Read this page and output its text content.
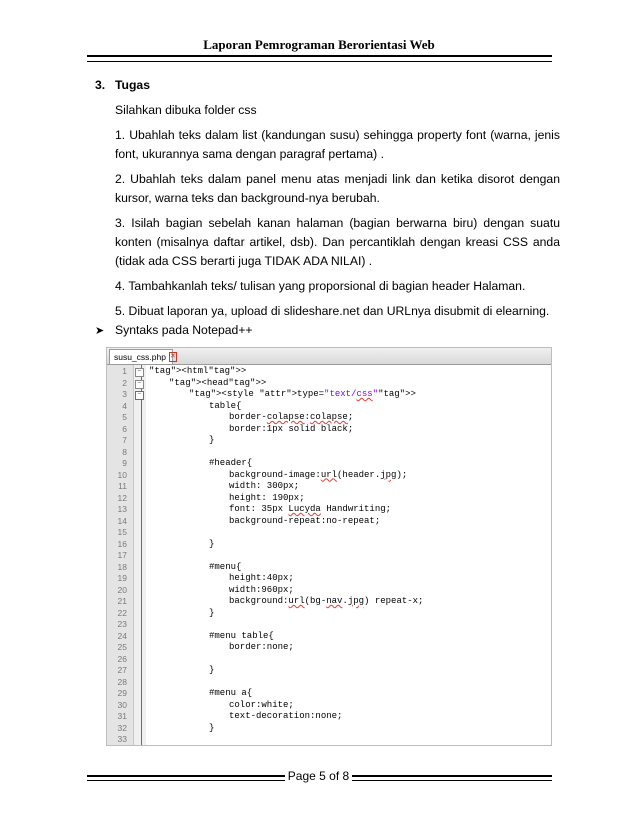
Laporan Pemrograman Berorientasi Web
3. Tugas
Silahkan dibuka folder css
1. Ubahlah teks dalam list (kandungan susu) sehingga property font (warna, jenis font, ukurannya sama dengan paragraf pertama) .
2. Ubahlah teks dalam panel menu atas menjadi link dan ketika disorot dengan kursor, warna teks dan background-nya berubah.
3. Isilah bagian sebelah kanan halaman (bagian berwarna biru) dengan suatu konten (misalnya daftar artikel, dsb). Dan percantiklah dengan kreasi CSS anda (tidak ada CSS berarti juga TIDAK ADA NILAI) .
4. Tambahkanlah teks/ tulisan yang proporsional di bagian header Halaman.
5. Dibuat laporan ya, upload di slideshare.net dan URLnya disubmit di elearning.
➤ Syntaks pada Notepad++
susu_css.php ✕
1	− "tag"><html"tag">>
2	−	"tag"><head"tag">>
3	−	"tag"><style "attr">type="text/css""tag">>
4	table{
5	border-colapse:colapse;
6	border:1px solid black;
7	}
8
9	#header{
10	background-image:url(header.jpg);
11	width: 300px;
12	height: 190px;
13	font: 35px Lucyda Handwriting;
14	background-repeat:no-repeat;
15
16	}
17
18	#menu{
19	height:40px;
20	width:960px;
21	background:url(bg-nav.jpg) repeat-x;
22	}
23
24	#menu table{
25	border:none;
26
27	}
28
29	#menu a{
30	color:white;
31	text-decoration:none;
32	}
33
Page 5 of 8
